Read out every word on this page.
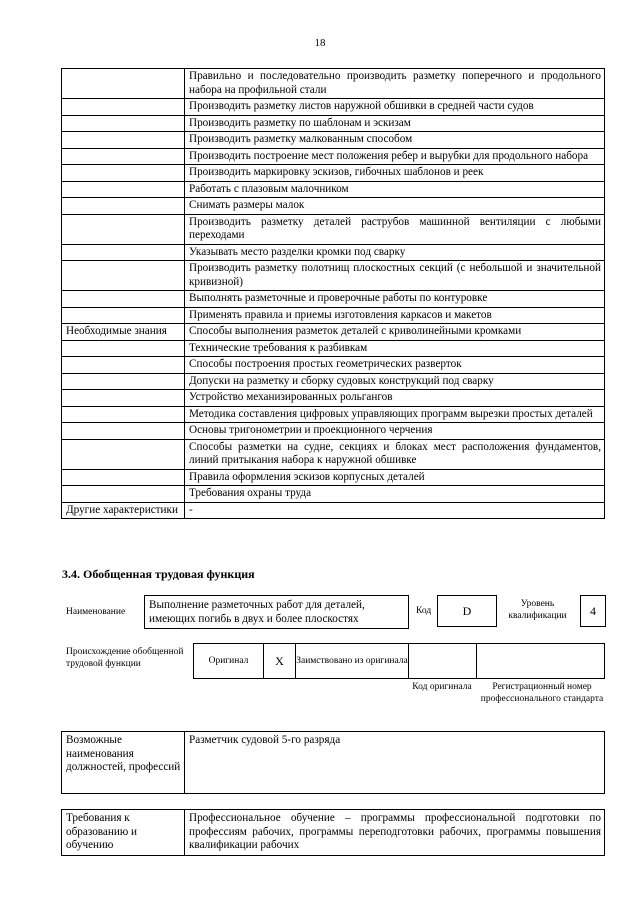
18
	Правильно и последовательно производить разметку поперечного и продольного набора на профильной стали
	Производить разметку листов наружной обшивки в средней части судов
	Производить разметку по шаблонам и эскизам
	Производить разметку малкованным способом
	Производить построение мест положения ребер и вырубки для продольного набора
	Производить маркировку эскизов, гибочных шаблонов и реек
	Работать с плазовым малочником
	Снимать размеры малок
	Производить разметку деталей раструбов машинной вентиляции с любыми переходами
	Указывать место разделки кромки под сварку
	Производить разметку полотнищ плоскостных секций (с небольшой и значительной кривизной)
	Выполнять разметочные и проверочные работы по контуровке
	Применять правила и приемы изготовления каркасов и макетов
Необходимые знания	Способы выполнения разметок деталей с криволинейными кромками
	Технические требования к разбивкам
	Способы построения простых геометрических разверток
	Допуски на разметку и сборку судовых конструкций под сварку
	Устройство механизированных рольгангов
	Методика составления цифровых управляющих программ вырезки простых деталей
	Основы тригонометрии и проекционного черчения
	Способы разметки на судне, секциях и блоках мест расположения фундаментов, линий притыкания набора к наружной обшивке
	Правила оформления эскизов корпусных деталей
	Требования охраны труда
Другие характеристики	-
3.4. Обобщенная трудовая функция
Наименование
Выполнение разметочных работ для деталей, имеющих погибь в двух и более плоскостях
Код	D	Уровень квалификации	4
Происхождение обобщенной трудовой функции	Оригинал	X	Заимствовано из оригинала		
Код оригинала	Регистрационный номер профессионального стандарта
Возможные наименования должностей, профессий	Разметчик судовой 5-го разряда
Требования к образованию и обучению	Профессиональное обучение – программы профессиональной подготовки по профессиям рабочих, программы переподготовки рабочих, программы повышения квалификации рабочих
